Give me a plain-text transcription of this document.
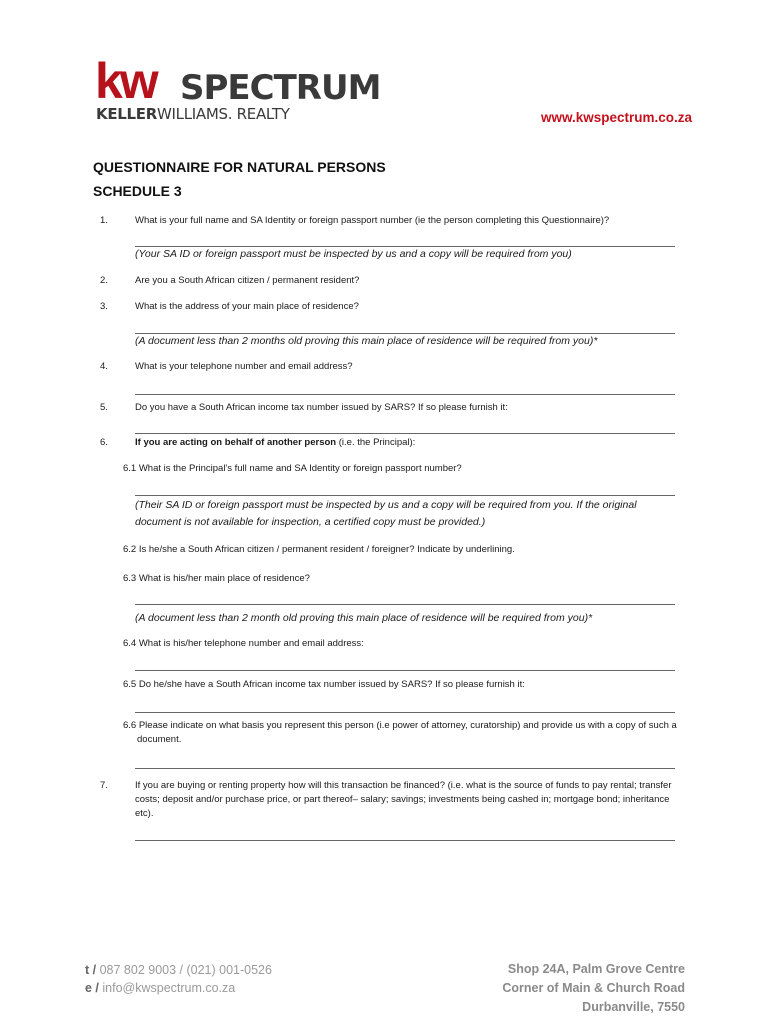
kw SPECTRUM
KELLERWILLIAMS. REALTY	www.kwspectrum.co.za
QUESTIONNAIRE FOR NATURAL PERSONS
SCHEDULE 3
1.	What is your full name and SA Identity or foreign passport number (ie the person completing this Questionnaire)?
(Your SA ID or foreign passport must be inspected by us and a copy will be required from you)
2.	Are you a South African citizen / permanent resident?
3.	What is the address of your main place of residence?
(A document less than 2 months old proving this main place of residence will be required from you)*
4.	What is your telephone number and email address?
5.	Do you have a South African income tax number issued by SARS? If so please furnish it:
6.	If you are acting on behalf of another person (i.e. the Principal):
6.1 What is the Principal's full name and SA Identity or foreign passport number?
(Their SA ID or foreign passport must be inspected by us and a copy will be required from you. If the original document is not available for inspection, a certified copy must be provided.)
6.2 Is he/she a South African citizen / permanent resident / foreigner? Indicate by underlining.
6.3 What is his/her main place of residence?
(A document less than 2 month old proving this main place of residence will be required from you)*
6.4 What is his/her telephone number and email address:
6.5 Do he/she have a South African income tax number issued by SARS? If so please furnish it:
6.6 Please indicate on what basis you represent this person (i.e power of attorney, curatorship) and provide us with a copy of such a document.
7.	If you are buying or renting property how will this transaction be financed? (i.e. what is the source of funds to pay rental; transfer costs; deposit and/or purchase price, or part thereof– salary; savings; investments being cashed in; mortgage bond; inheritance etc).
t / 087 802 9003 / (021) 001-0526
e / info@kwspectrum.co.za
Shop 24A, Palm Grove Centre
Corner of Main & Church Road
Durbanville, 7550
